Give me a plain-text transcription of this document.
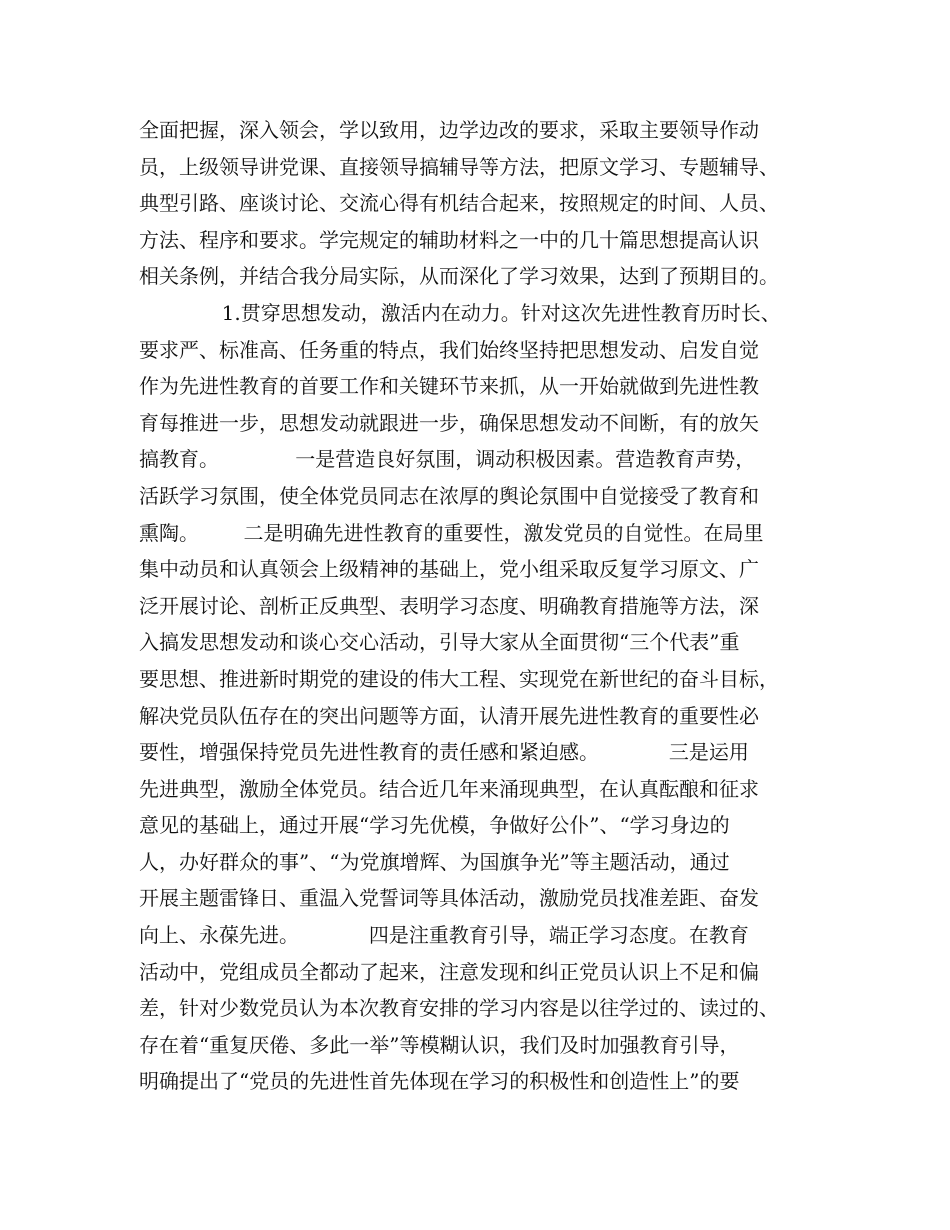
全面把握，深入领会，学以致用，边学边改的要求，采取主要领导作动
员，上级领导讲党课、直接领导搞辅导等方法，把原文学习、专题辅导、
典型引路、座谈讨论、交流心得有机结合起来，按照规定的时间、人员、
方法、程序和要求。学完规定的辅助材料之一中的几十篇思想提高认识
相关条例，并结合我分局实际，从而深化了学习效果，达到了预期目的。
1.贯穿思想发动，激活内在动力。针对这次先进性教育历时长、
要求严、标准高、任务重的特点，我们始终坚持把思想发动、启发自觉
作为先进性教育的首要工作和关键环节来抓，从一开始就做到先进性教
育每推进一步，思想发动就跟进一步，确保思想发动不间断，有的放矢
搞教育。            一是营造良好氛围，调动积极因素。营造教育声势，
活跃学习氛围，使全体党员同志在浓厚的舆论氛围中自觉接受了教育和
熏陶。       二是明确先进性教育的重要性，激发党员的自觉性。在局里
集中动员和认真领会上级精神的基础上，党小组采取反复学习原文、广
泛开展讨论、剖析正反典型、表明学习态度、明确教育措施等方法，深
入搞发思想发动和谈心交心活动，引导大家从全面贯彻“三个代表”重
要思想、推进新时期党的建设的伟大工程、实现党在新世纪的奋斗目标，
解决党员队伍存在的突出问题等方面，认清开展先进性教育的重要性必
要性，增强保持党员先进性教育的责任感和紧迫感。           三是运用
先进典型，激励全体党员。结合近几年来涌现典型，在认真酝酿和征求
意见的基础上，通过开展“学习先优模，争做好公仆”、“学习身边的
人，办好群众的事”、“为党旗增辉、为国旗争光”等主题活动，通过
开展主题雷锋日、重温入党誓词等具体活动，激励党员找准差距、奋发
向上、永葆先进。           四是注重教育引导，端正学习态度。在教育
活动中，党组成员全都动了起来，注意发现和纠正党员认识上不足和偏
差，针对少数党员认为本次教育安排的学习内容是以往学过的、读过的、
存在着“重复厌倦、多此一举”等模糊认识，我们及时加强教育引导，
明确提出了“党员的先进性首先体现在学习的积极性和创造性上”的要
